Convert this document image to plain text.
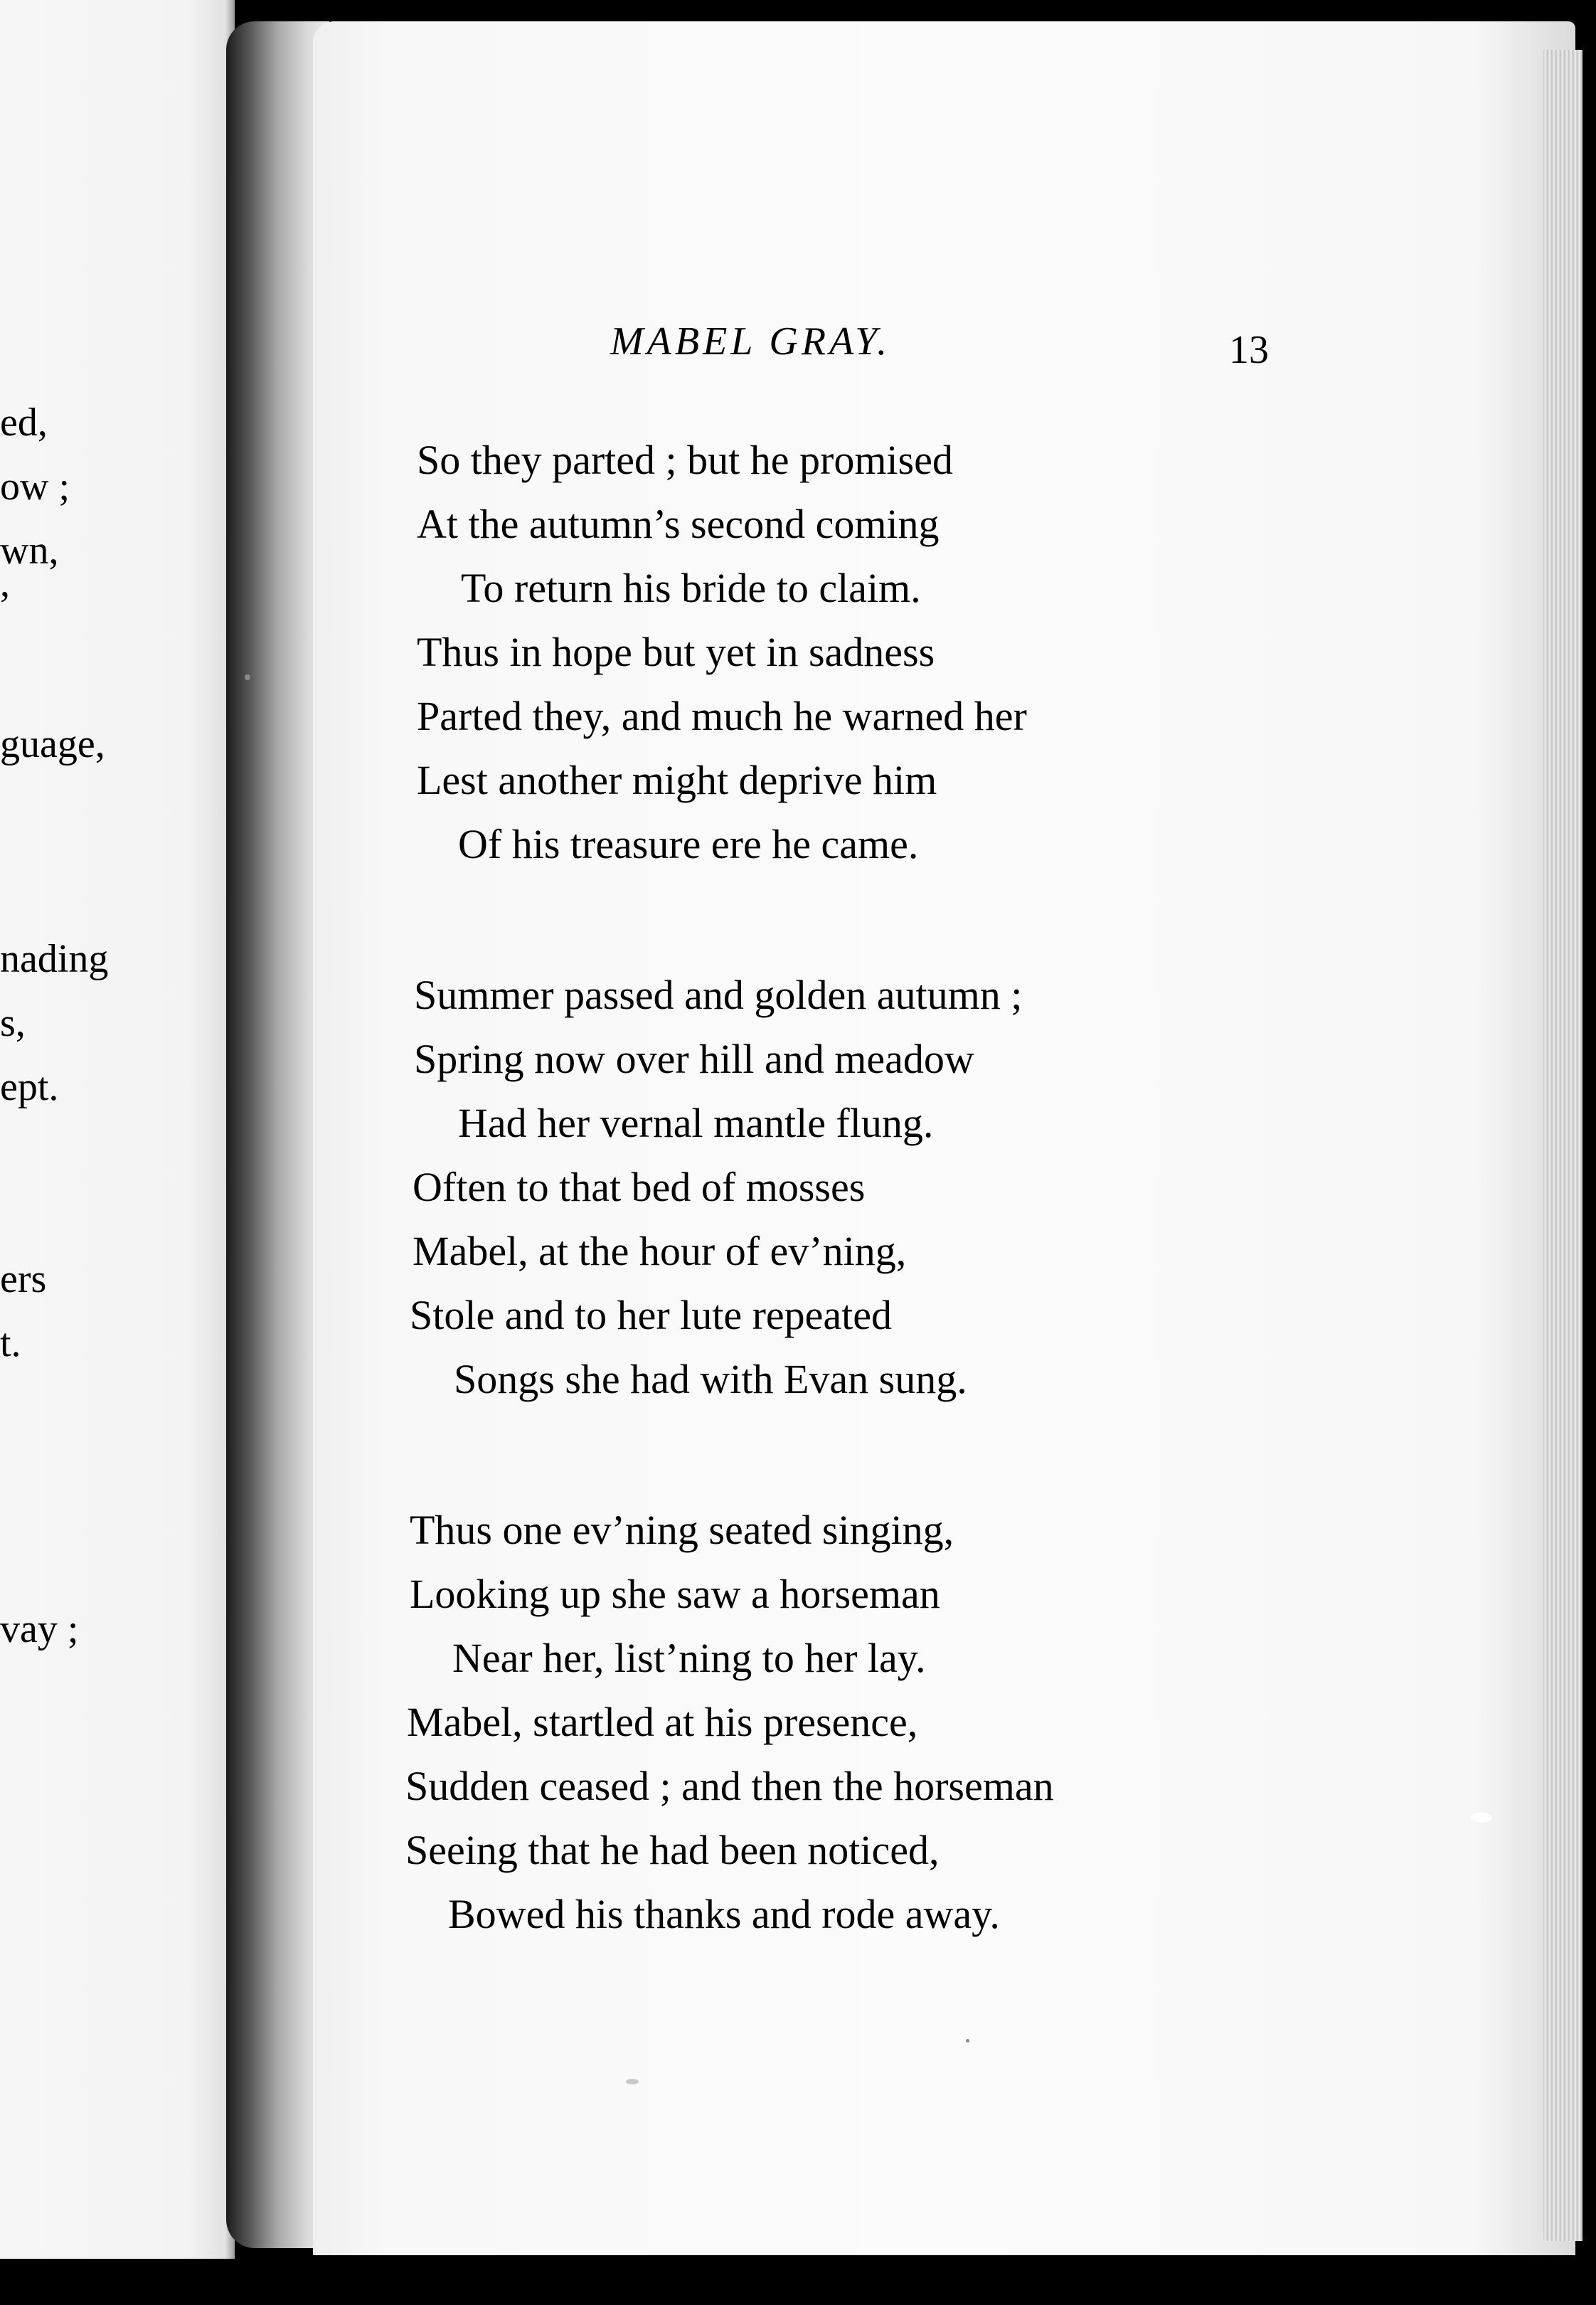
ed,
ow ;
wn,
,
guage,
nading
s,
ept.
ers
t.
vay ;
MABEL GRAY.	13
So they parted ; but he promised
At the autumn’s second coming
To return his bride to claim.
Thus in hope but yet in sadness
Parted they, and much he warned her
Lest another might deprive him
Of his treasure ere he came.
Summer passed and golden autumn ;
Spring now over hill and meadow
Had her vernal mantle flung.
Often to that bed of mosses
Mabel, at the hour of ev’ning,
Stole and to her lute repeated
Songs she had with Evan sung.
Thus one ev’ning seated singing,
Looking up she saw a horseman
Near her, list’ning to her lay.
Mabel, startled at his presence,
Sudden ceased ; and then the horseman
Seeing that he had been noticed,
Bowed his thanks and rode away.
